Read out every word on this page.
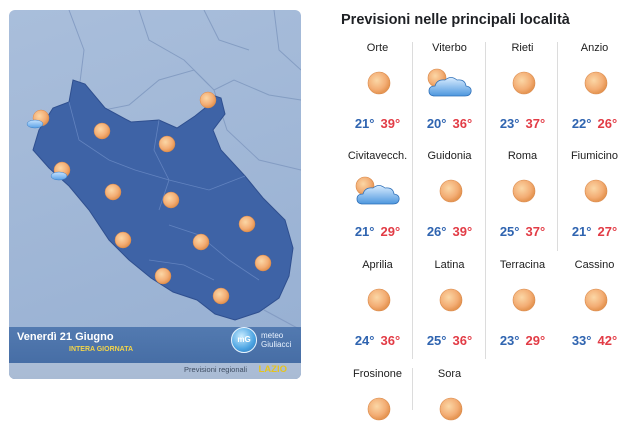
Venerdì 21 Giugno
INTERA GIORNATA
mG	meteo
Giuliacci
Previsioni regionali LAZIO
Previsioni nelle principali località
Orte
21° 39°
Viterbo
20° 36°
Rieti
23° 37°
Anzio
22° 26°
Civitavecch.
21° 29°
Guidonia
26° 39°
Roma
25° 37°
Fiumicino
21° 27°
Aprilia
24° 36°
Latina
25° 36°
Terracina
23° 29°
Cassino
33° 42°
Frosinone	Sora
